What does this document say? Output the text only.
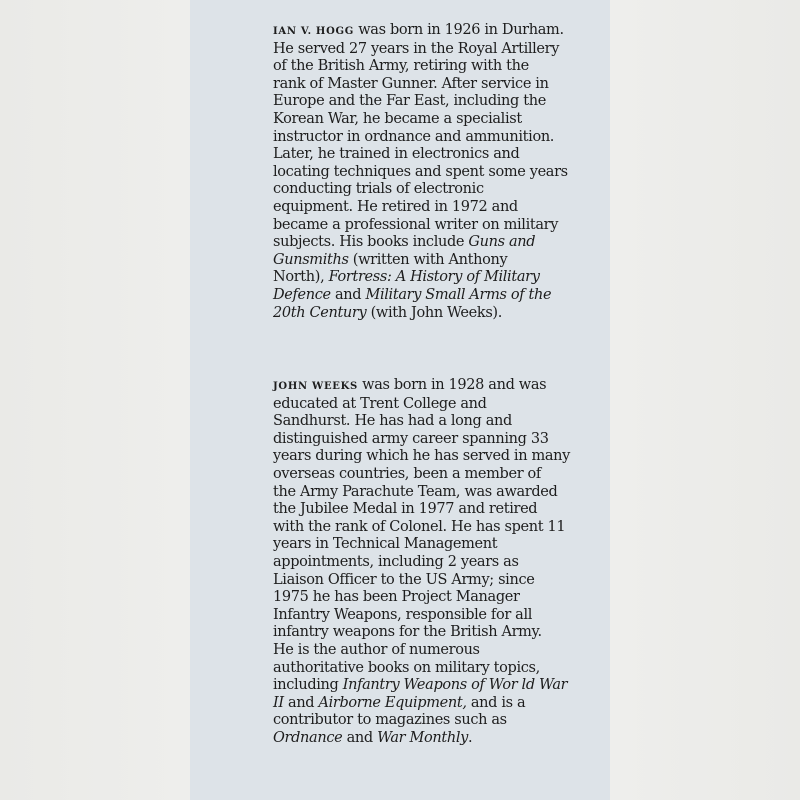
IAN V. HOGG was born in 1926 in Durham.
He served 27 years in the Royal Artillery
of the British Army, retiring with the
rank of Master Gunner. After service in
Europe and the Far East, including the
Korean War, he became a specialist
instructor in ordnance and ammunition.
Later, he trained in electronics and
locating techniques and spent some years
conducting trials of electronic
equipment. He retired in 1972 and
became a professional writer on military
subjects. His books include Guns and
Gunsmiths (written with Anthony
North), Fortress: A History of Military
Defence and Military Small Arms of the
20th Century (with John Weeks).

JOHN WEEKS was born in 1928 and was
educated at Trent College and
Sandhurst. He has had a long and
distinguished army career spanning 33
years during which he has served in many
overseas countries, been a member of
the Army Parachute Team, was awarded
the Jubilee Medal in 1977 and retired
with the rank of Colonel. He has spent 11
years in Technical Management
appointments, including 2 years as
Liaison Officer to the US Army; since
1975 he has been Project Manager
Infantry Weapons, responsible for all
infantry weapons for the British Army.
He is the author of numerous
authoritative books on military topics,
including Infantry Weapons of Wor ld War
II and Airborne Equipment, and is a
contributor to magazines such as
Ordnance and War Monthly.
